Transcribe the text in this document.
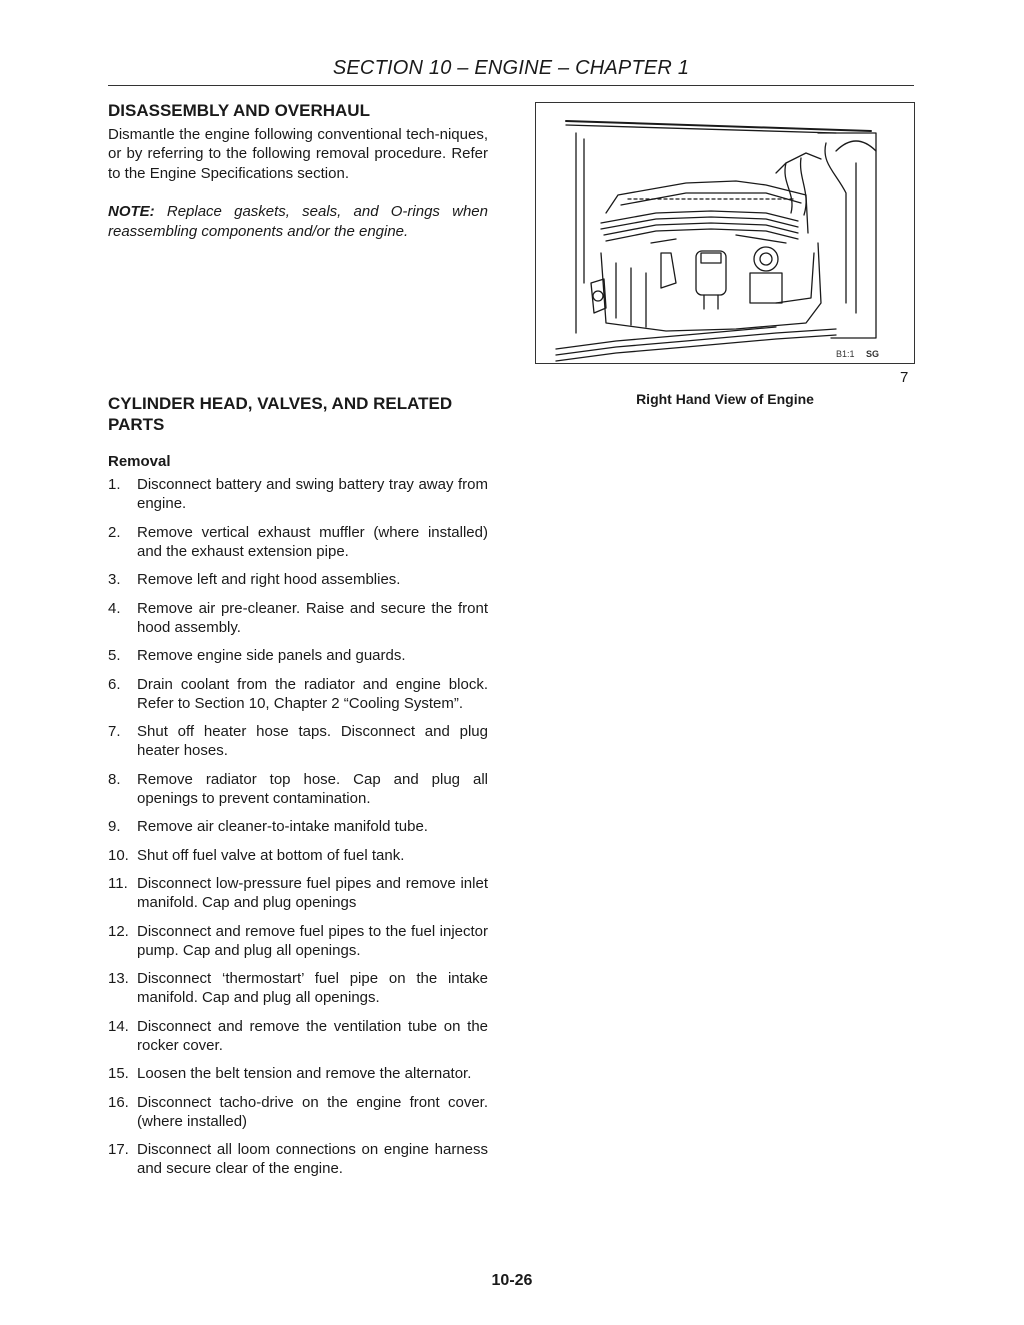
SECTION 10 – ENGINE – CHAPTER 1
DISASSEMBLY AND OVERHAUL

Dismantle the engine following conventional tech-niques, or by referring to the following removal procedure. Refer to the Engine Specifications section.

NOTE: Replace gaskets, seals, and O-rings when reassembling components and/or the engine.

CYLINDER HEAD, VALVES, AND RELATED PARTS
Removal
1.	Disconnect battery and swing battery tray away from engine.
2.	Remove vertical exhaust muffler (where installed) and the exhaust extension pipe.
3.	Remove left and right hood assemblies.
4.	Remove air pre-cleaner. Raise and secure the front hood assembly.
5.	Remove engine side panels and guards.
6.	Drain coolant from the radiator and engine block. Refer to Section 10, Chapter 2 “Cooling System”.
7.	Shut off heater hose taps. Disconnect and plug heater hoses.
8.	Remove radiator top hose. Cap and plug all openings to prevent contamination.
9.	Remove air cleaner-to-intake manifold tube.
10. Shut off fuel valve at bottom of fuel tank.
11. Disconnect low-pressure fuel pipes and remove inlet manifold. Cap and plug openings
12. Disconnect and remove fuel pipes to the fuel injector pump. Cap and plug all openings.
13. Disconnect ‘thermostart’ fuel pipe on the intake manifold. Cap and plug all openings.
14. Disconnect and remove the ventilation tube on the rocker cover.
15. Loosen the belt tension and remove the alternator.
16. Disconnect tacho-drive on the engine front cover. (where installed)
17. Disconnect all loom connections on engine harness and secure clear of the engine.
B1:1 SG
7
Right Hand View of Engine
10-26
